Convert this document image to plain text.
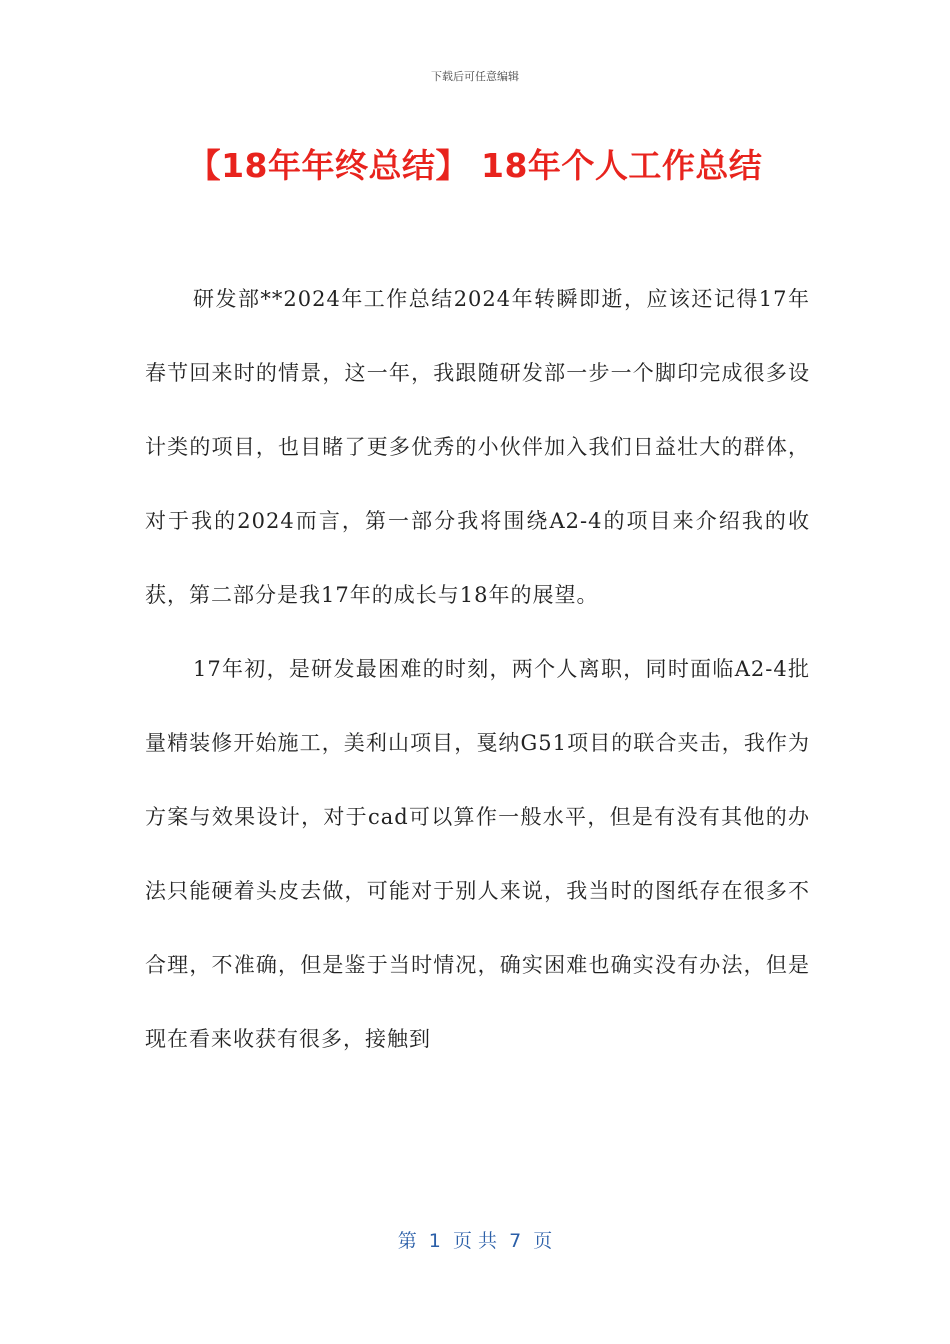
下载后可任意编辑
【18年年终总结】 18年个人工作总结

研发部**2024年工作总结2024年转瞬即逝，应该还记得17年春节回来时的情景，这一年，我跟随研发部一步一个脚印完成很多设计类的项目，也目睹了更多优秀的小伙伴加入我们日益壮大的群体，对于我的2024而言，第一部分我将围绕A2-4的项目来介绍我的收获，第二部分是我17年的成长与18年的展望。

17年初，是研发最困难的时刻，两个人离职，同时面临A2-4批量精装修开始施工，美利山项目，戛纳G51项目的联合夹击，我作为方案与效果设计，对于cad可以算作一般水平，但是有没有其他的办法只能硬着头皮去做，可能对于别人来说，我当时的图纸存在很多不合理，不准确，但是鉴于当时情况，确实困难也确实没有办法，但是现在看来收获有很多，接触到

第  1  页 共  7  页
